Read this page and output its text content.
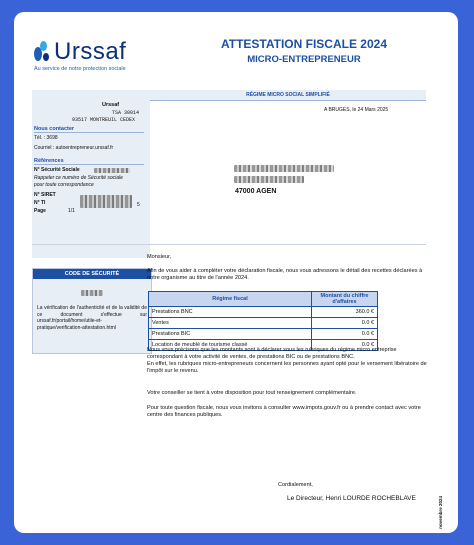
Urssaf
Au service de notre protection sociale
ATTESTATION FISCALE 2024
MICRO-ENTREPRENEUR
RÉGIME MICRO SOCIAL SIMPLIFIÉ
Urssaf
TSA 30014
93517 MONTREUIL CEDEX
A BRUGES, le 24 Mars 2025
Nous contacter
Tél. : 3698
Courriel : autoentrepreneur.urssaf.fr
Références
N° Sécurité Sociale
Rappeler ce numéro de Sécurité sociale pour toute correspondance
N° SIRET
N° TI	5
Page	1/1
47000 AGEN
CODE DE SÉCURITÉ
La vérification de l'authenticité et de la validité de ce document s'effectue sur urssaf.fr/portail/home/utile-et-pratique/verification-attestation.html
Monsieur,
Afin de vous aider à compléter votre déclaration fiscale, nous vous adressons le détail des recettes déclarées à notre organisme au titre de l'année 2024.
Régime fiscal	Montant du chiffre d'affaires
Prestations BNC	360.0 €
Ventes	0.0 €
Prestations BIC	0.0 €
Location de meublé de tourisme classé	0.0 €
Nous vous précisons que les montants sont à déclarer sous les rubriques du régime micro entreprise correspondant à votre activité de ventes, de prestations BIC ou de prestations BNC.
En effet, les rubriques micro-entrepreneurs concernent les personnes ayant opté pour le versement libératoire de l'impôt sur le revenu.
Votre conseiller se tient à votre disposition pour tout renseignement complémentaire.
Pour toute question fiscale, nous vous invitons à consulter www.impots.gouv.fr ou à prendre contact avec votre centre des finances publiques.
Cordialement,
Le Directeur, Henri LOURDE ROCHEBLAVE	novembre 2024
